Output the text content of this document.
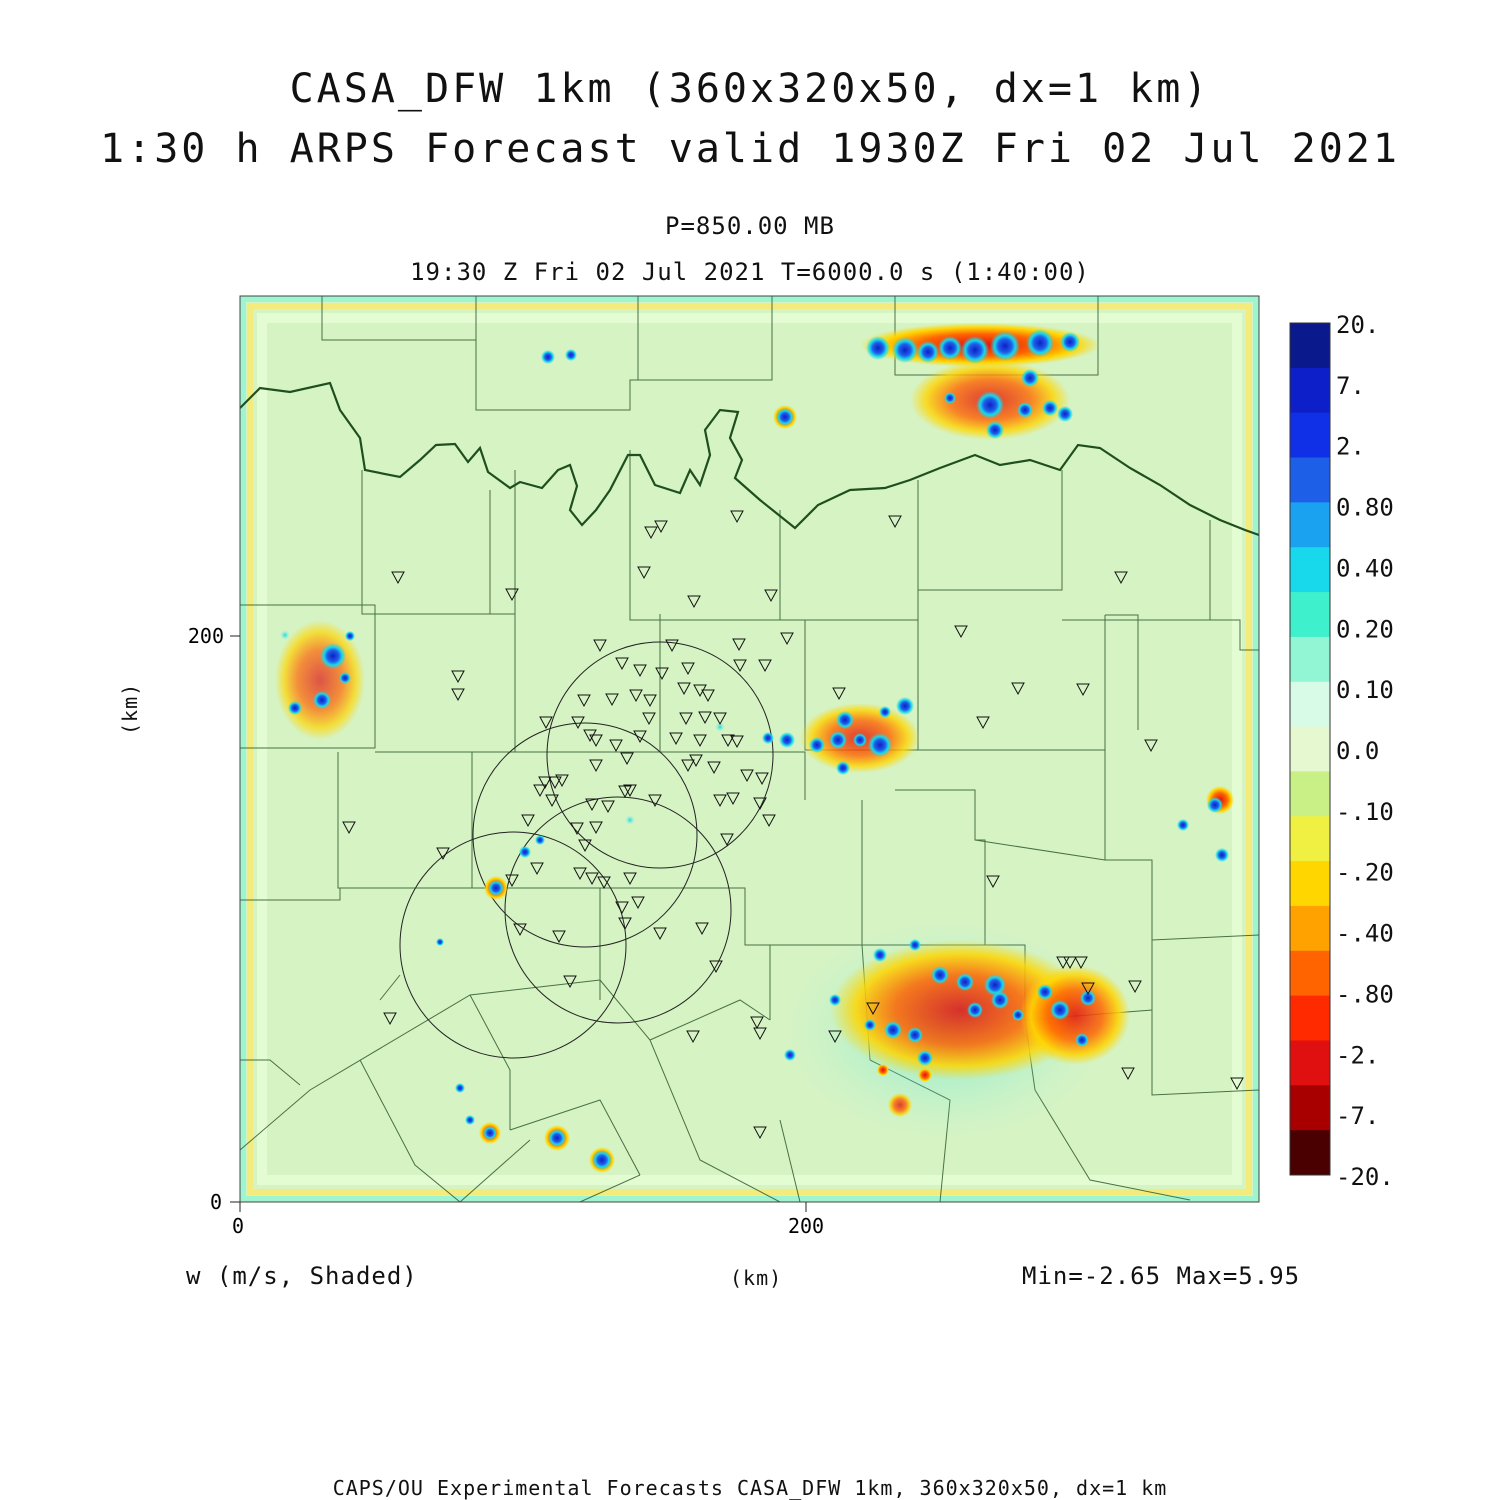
CASA_DFW 1km (360x320x50, dx=1 km)
1:30 h ARPS Forecast valid 1930Z Fri 02 Jul 2021
P=850.00 MB
19:30 Z Fri 02 Jul 2021 T=6000.0 s (1:40:00)
0	200
0
200
20.
7.
2.
0.80
0.40
0.20
0.10
0.0
-.10
-.20
-.40
-.80
-2.
-7.
-20.
(km)
w (m/s, Shaded)	(km)	Min=-2.65 Max=5.95
CAPS/OU Experimental Forecasts CASA_DFW 1km, 360x320x50, dx=1 km
